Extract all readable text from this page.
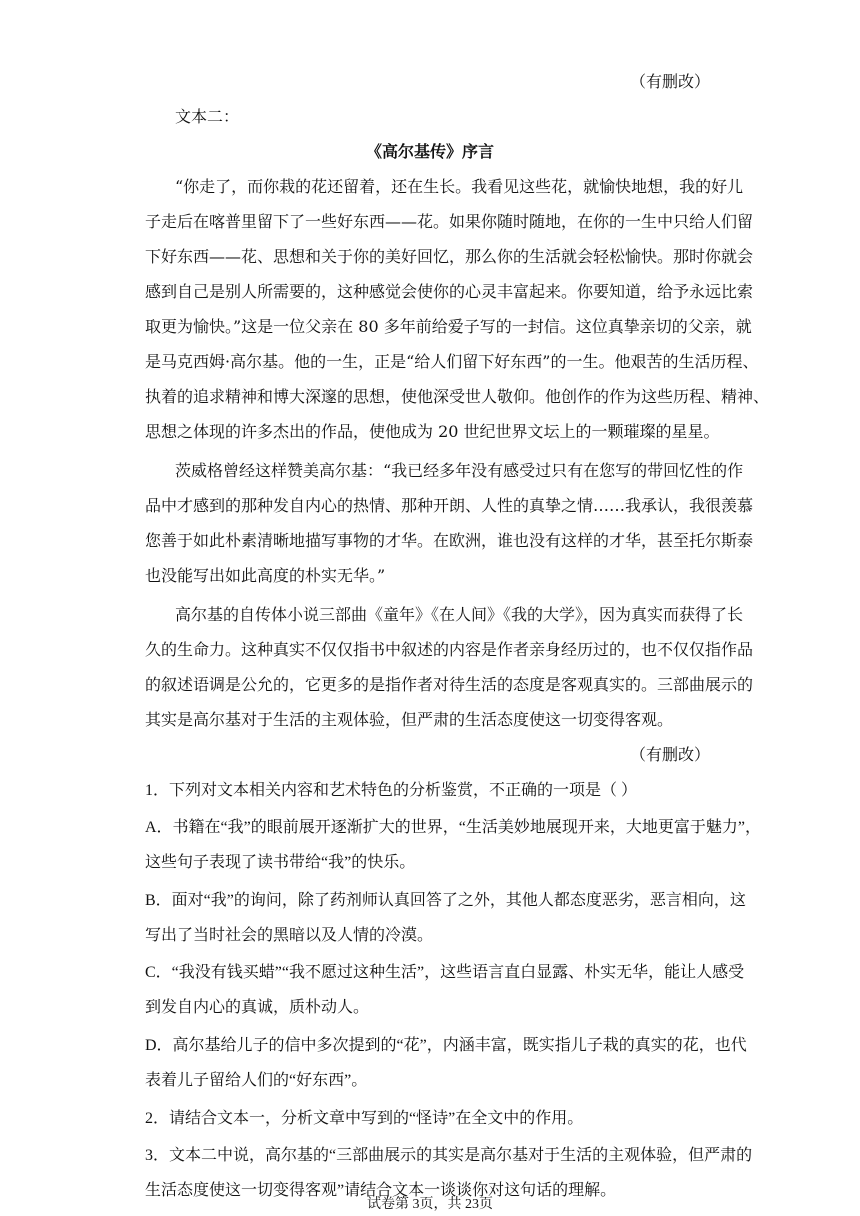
（有删改）
文本二：
《高尔基传》序言
“你走了，而你栽的花还留着，还在生长。我看见这些花，就愉快地想，我的好儿
子走后在喀普里留下了一些好东西——花。如果你随时随地，在你的一生中只给人们留
下好东西——花、思想和关于你的美好回忆，那么你的生活就会轻松愉快。那时你就会
感到自己是别人所需要的，这种感觉会使你的心灵丰富起来。你要知道，给予永远比索
取更为愉快。”这是一位父亲在 80 多年前给爱子写的一封信。这位真挚亲切的父亲，就
是马克西姆·高尔基。他的一生，正是“给人们留下好东西”的一生。他艰苦的生活历程、
执着的追求精神和博大深邃的思想，使他深受世人敬仰。他创作的作为这些历程、精神、
思想之体现的许多杰出的作品，使他成为 20 世纪世界文坛上的一颗璀璨的星星。
茨威格曾经这样赞美高尔基：“我已经多年没有感受过只有在您写的带回忆性的作
品中才感到的那种发自内心的热情、那种开朗、人性的真挚之情……我承认，我很羡慕
您善于如此朴素清晰地描写事物的才华。在欧洲，谁也没有这样的才华，甚至托尔斯泰
也没能写出如此高度的朴实无华。”
高尔基的自传体小说三部曲《童年》《在人间》《我的大学》，因为真实而获得了长
久的生命力。这种真实不仅仅指书中叙述的内容是作者亲身经历过的，也不仅仅指作品
的叙述语调是公允的，它更多的是指作者对待生活的态度是客观真实的。三部曲展示的
其实是高尔基对于生活的主观体验，但严肃的生活态度使这一切变得客观。
（有删改）
1．下列对文本相关内容和艺术特色的分析鉴赏，不正确的一项是（ ）
A．书籍在“我”的眼前展开逐渐扩大的世界，“生活美妙地展现开来，大地更富于魅力”，
这些句子表现了读书带给“我”的快乐。
B．面对“我”的询问，除了药剂师认真回答了之外，其他人都态度恶劣，恶言相向，这
写出了当时社会的黑暗以及人情的冷漠。
C．“我没有钱买蜡”“我不愿过这种生活”，这些语言直白显露、朴实无华，能让人感受
到发自内心的真诚，质朴动人。
D．高尔基给儿子的信中多次提到的“花”，内涵丰富，既实指儿子栽的真实的花，也代
表着儿子留给人们的“好东西”。
2．请结合文本一，分析文章中写到的“怪诗”在全文中的作用。
3．文本二中说，高尔基的“三部曲展示的其实是高尔基对于生活的主观体验，但严肃的
生活态度使这一切变得客观”请结合文本一谈谈你对这句话的理解。
试卷第 3页，共 23页
